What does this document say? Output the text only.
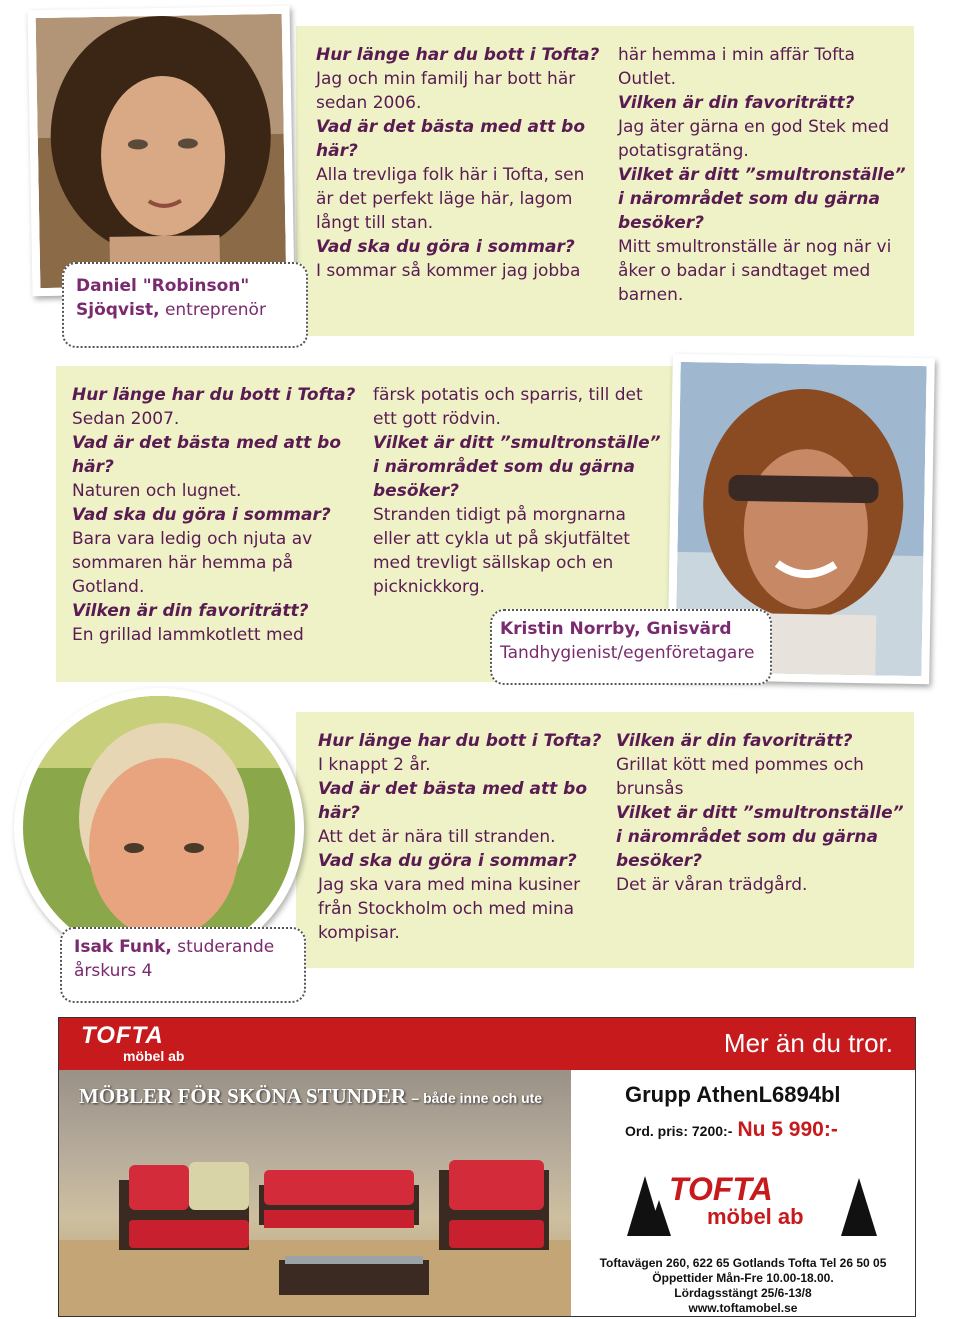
Daniel "Robinson"
Sjöqvist, entreprenör

Hur länge har du bott i Tofta?

Jag och min familj har bott här sedan 2006.

Vad är det bästa med att bo här?

Alla trevliga folk här i Tofta, sen är det perfekt läge här, lagom långt till stan.

Vad ska du göra i sommar?

I sommar så kommer jag jobba

här hemma i min affär Tofta Outlet.

Vilken är din favoriträtt?

Jag äter gärna en god Stek med potatisgratäng.

Vilket är ditt ”smultronställe” i närområdet som du gärna besöker?

Mitt smultronställe är nog när vi åker o badar i sandtaget med barnen.

Hur länge har du bott i Tofta?

Sedan 2007.

Vad är det bästa med att bo här?

Naturen och lugnet.

Vad ska du göra i sommar?

Bara vara ledig och njuta av sommaren här hemma på Gotland.

Vilken är din favoriträtt?

En grillad lammkotlett med

färsk potatis och sparris, till det ett gott rödvin.

Vilket är ditt ”smultronställe” i närområdet som du gärna besöker?

Stranden tidigt på morgnarna eller att cykla ut på skjutfältet med trevligt sällskap och en picknickkorg.

Kristin Norrby, Gnisvärd
Tandhygienist/egenföretagare
Isak Funk, studerande
årskurs 4

Hur länge har du bott i Tofta?

I knappt 2 år.

Vad är det bästa med att bo här?

Att det är nära till stranden.

Vad ska du göra i sommar?

Jag ska vara med mina kusiner från Stockholm och med mina kompisar.

Vilken är din favoriträtt?

Grillat kött med pommes och brunsås

Vilket är ditt ”smultronställe” i närområdet som du gärna besöker?

Det är våran trädgård.

TOFTA
möbel ab	Mer än du tror.
MÖBLER FÖR SKÖNA STUNDER – både inne och ute	Grupp AthenL6894bl
Ord. pris: 7200:- Nu 5 990:-
TOFTA
möbel ab
Toftavägen 260, 622 65 Gotlands Tofta Tel 26 50 05
Öppettider Mån-Fre 10.00-18.00.
Lördagsstängt 25/6-13/8
www.toftamobel.se
